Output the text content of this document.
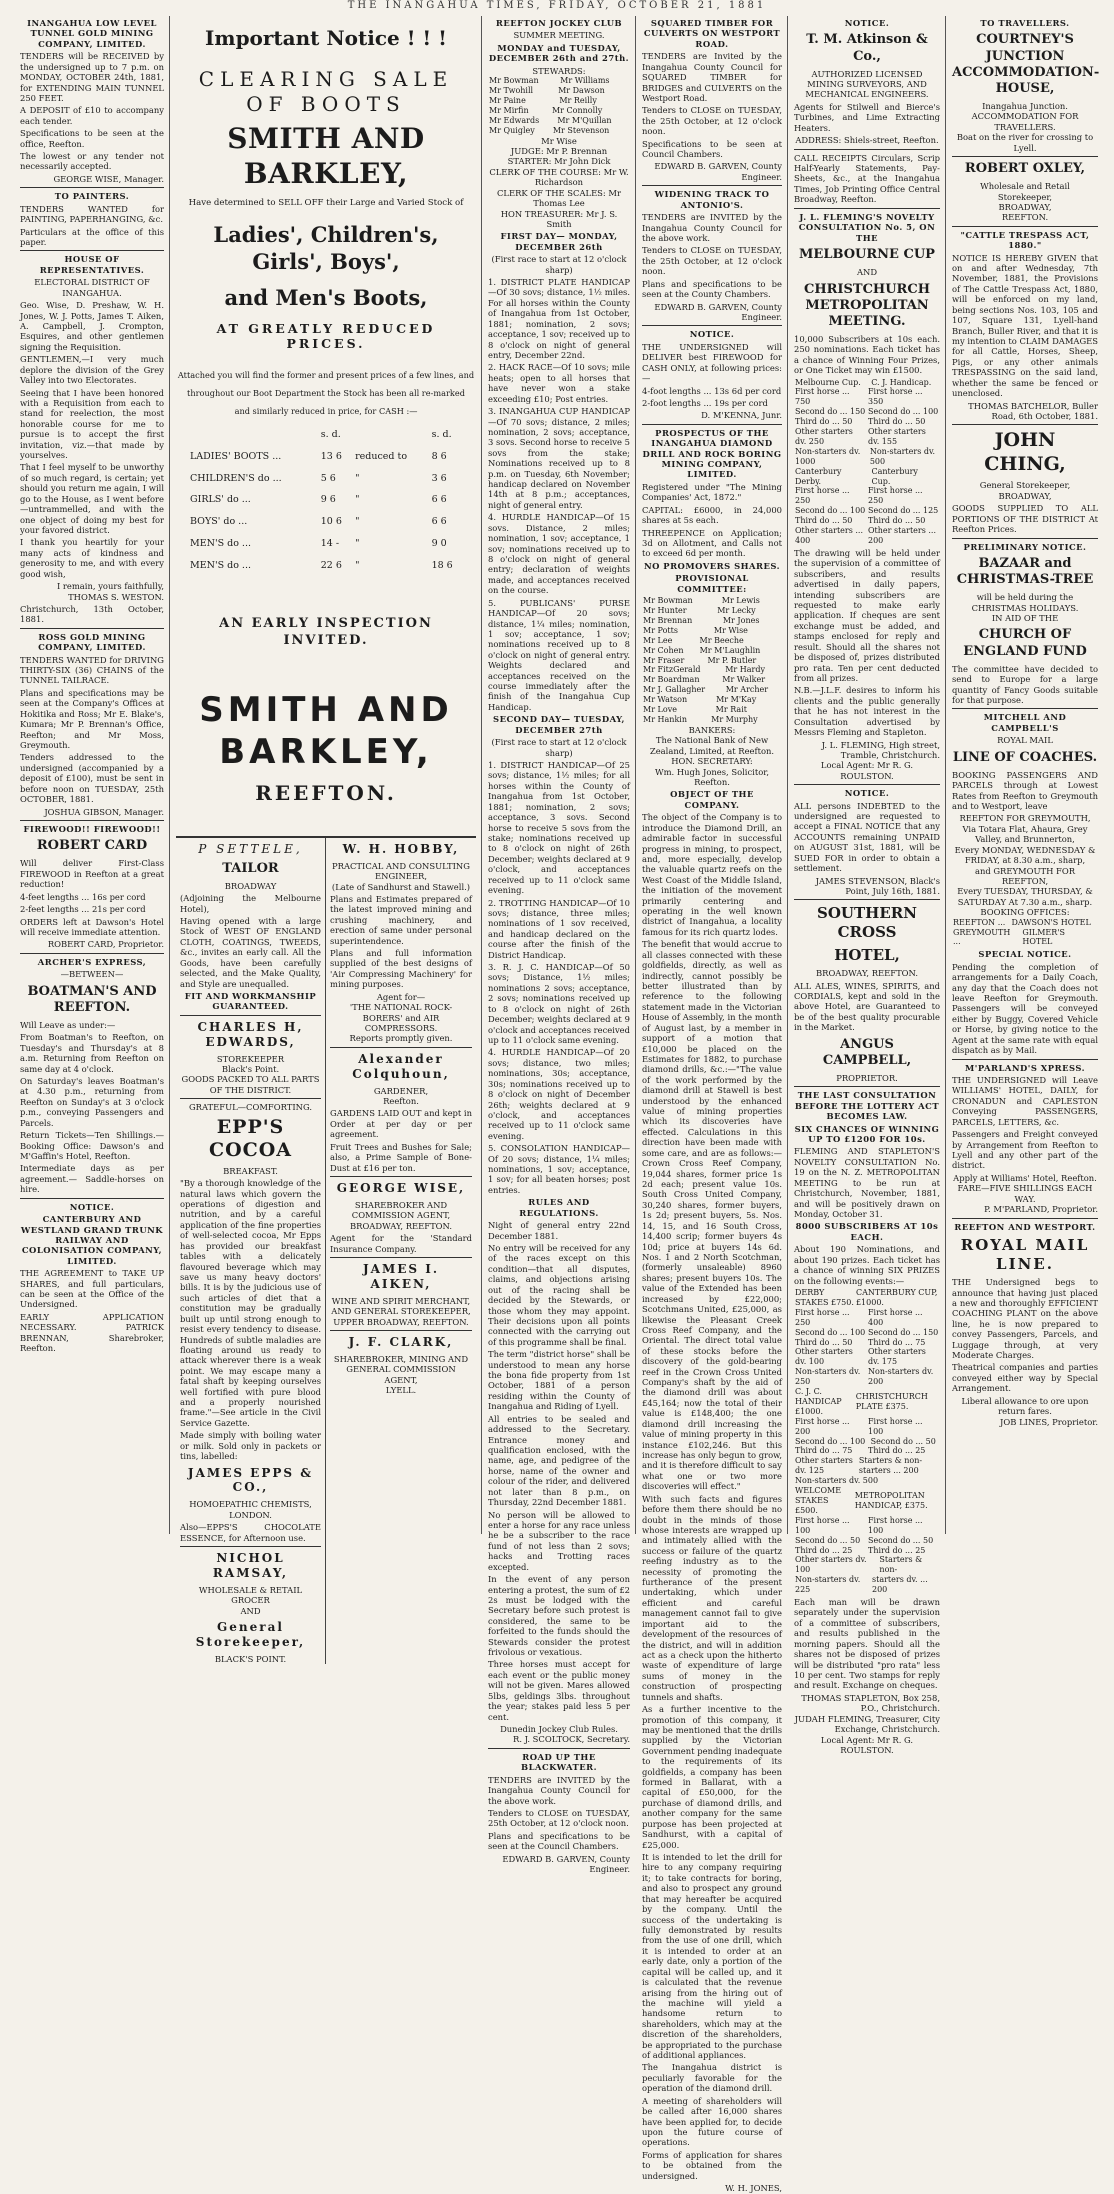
THE INANGAHUA TIMES, FRIDAY, OCTOBER 21, 1881
INANGAHUA LOW LEVEL TUNNEL GOLD MINING COMPANY, LIMITED.
TENDERS will be RECEIVED by the undersigned up to 7 p.m. on MONDAY, OCTOBER 24th, 1881, for EXTENDING MAIN TUNNEL 250 FEET.
A DEPOSIT of £10 to accompany each tender.
Specifications to be seen at the office, Reefton.
The lowest or any tender not necessarily accepted.
GEORGE WISE, Manager.
TO PAINTERS.
TENDERS WANTED for PAINTING, PAPERHANGING, &c.
Particulars at the office of this paper.
HOUSE OF REPRESENTATIVES.
ELECTORAL DISTRICT OF INANGAHUA.
Geo. Wise, D. Preshaw, W. H. Jones, W. J. Potts, James T. Aiken, A. Campbell, J. Crompton, Esquires, and other gentlemen signing the Requisition.
GENTLEMEN,—I very much deplore the division of the Grey Valley into two Electorates.
Seeing that I have been honored with a Requisition from each to stand for reelection, the most honorable course for me to pursue is to accept the first invitation, viz.—that made by yourselves.
That I feel myself to be unworthy of so much regard, is certain; yet should you return me again, I will go to the House, as I went before—untrammelled, and with the one object of doing my best for your favored district.
I thank you heartily for your many acts of kindness and generosity to me, and with every good wish,
I remain, yours faithfully, THOMAS S. WESTON.
Christchurch, 13th October, 1881.
ROSS GOLD MINING COMPANY, LIMITED.
TENDERS WANTED for DRIVING THIRTY-SIX (36) CHAINS of the TUNNEL TAILRACE.
Plans and specifications may be seen at the Company's Offices at Hokitika and Ross; Mr E. Blake's, Kumara; Mr P. Brennan's Office, Reefton; and Mr Moss, Greymouth.
Tenders addressed to the undersigned (accompanied by a deposit of £100), must be sent in before noon on TUESDAY, 25th OCTOBER, 1881.
JOSHUA GIBSON, Manager.
FIREWOOD!! FIREWOOD!!
ROBERT CARD
Will deliver First-Class FIREWOOD in Reefton at a great reduction!
4-feet lengths ... 16s per cord
2-feet lengths ... 21s per cord
ORDERS left at Dawson's Hotel will receive immediate attention.
ROBERT CARD, Proprietor.
ARCHER'S EXPRESS,
—BETWEEN—
BOATMAN'S AND REEFTON.
Will Leave as under:—
From Boatman's to Reefton, on Tuesday's and Thursday's at 8 a.m. Returning from Reefton on same day at 4 o'clock.
On Saturday's leaves Boatman's at 4.30 p.m., returning from Reefton on Sunday's at 3 o'clock p.m., conveying Passengers and Parcels.
Return Tickets—Ten Shillings.—Booking Office: Dawson's and M'Gaffin's Hotel, Reefton.
Intermediate days as per agreement.— Saddle-horses on hire.
NOTICE.
CANTERBURY AND WESTLAND GRAND TRUNK RAILWAY AND COLONISATION COMPANY, LIMITED.
THE AGREEMENT to TAKE UP SHARES, and full particulars, can be seen at the Office of the Undersigned.
EARLY APPLICATION NECESSARY. PATRICK BRENNAN, Sharebroker, Reefton.
Important Notice ! ! !
CLEARING SALE OF BOOTS
SMITH AND BARKLEY,
Have determined to SELL OFF their Large and Varied Stock of
Ladies', Children's, Girls', Boys',
and Men's Boots,
AT GREATLY REDUCED PRICES.
Attached you will find the former and present prices of a few lines, and
throughout our Boot Department the Stock has been all re-marked
and similarly reduced in price, for CASH :—
	s. d.		s. d.
LADIES' BOOTS ...	13 6	reduced to	8 6
CHILDREN'S do ...	5 6	"	3 6
GIRLS' do ...	9 6	"	6 6
BOYS' do ...	10 6	"	6 6
MEN'S do ...	14 -	"	9 0
MEN'S do ...	22 6	"	18 6
AN EARLY INSPECTION INVITED.
SMITH AND BARKLEY,
REEFTON.
P SETTELE,
TAILOR
BROADWAY
(Adjoining the Melbourne Hotel),
Having opened with a large Stock of WEST OF ENGLAND CLOTH, COATINGS, TWEEDS, &c., invites an early call. All the Goods, have been carefully selected, and the Make Quality, and Style are unequalled.
FIT AND WORKMANSHIP GUARANTEED.
CHARLES H, EDWARDS,
STOREKEEPER
Black's Point.
GOODS PACKED TO ALL PARTS
OF THE DISTRICT.
GRATEFUL—COMFORTING.
EPP'S COCOA
BREAKFAST.
"By a thorough knowledge of the natural laws which govern the operations of digestion and nutrition, and by a careful application of the fine properties of well-selected cocoa, Mr Epps has provided our breakfast tables with a delicately flavoured beverage which may save us many heavy doctors' bills. It is by the judicious use of such articles of diet that a constitution may be gradually built up until strong enough to resist every tendency to disease. Hundreds of subtle maladies are floating around us ready to attack wherever there is a weak point. We may escape many a fatal shaft by keeping ourselves well fortified with pure blood and a properly nourished frame."—See article in the Civil Service Gazette.
Made simply with boiling water or milk. Sold only in packets or tins, labelled:
JAMES EPPS & CO.,
HOMOEPATHIC CHEMISTS,
LONDON.
Also—EPPS'S CHOCOLATE ESSENCE, for Afternoon use.
NICHOL RAMSAY,
WHOLESALE & RETAIL GROCER
AND
General Storekeeper,
BLACK'S POINT.
W. H. HOBBY,
PRACTICAL AND CONSULTING ENGINEER,
(Late of Sandhurst and Stawell.)
Plans and Estimates prepared of the latest improved mining and crushing machinery, and erection of same under personal superintendence.
Plans and full information supplied of the best designs of 'Air Compressing Machinery' for mining purposes.
Agent for—
'THE NATIONAL ROCK-BORERS' and AIR COMPRESSORS.
Reports promptly given.
Alexander Colquhoun,
GARDENER,
Reefton.
GARDENS LAID OUT and kept in Order at per day or per agreement.
Fruit Trees and Bushes for Sale; also, a Prime Sample of Bone-Dust at £16 per ton.
GEORGE WISE,
SHAREBROKER AND COMMISSION AGENT,
BROADWAY, REEFTON.
Agent for the 'Standard Insurance Company.
JAMES I. AIKEN,
WINE AND SPIRIT MERCHANT, AND GENERAL STOREKEEPER,
UPPER BROADWAY, REEFTON.
J. F. CLARK,
SHAREBROKER, MINING AND GENERAL COMMISSION AGENT,
LYELL.
REEFTON JOCKEY CLUB
SUMMER MEETING.
MONDAY and TUESDAY, DECEMBER 26th and 27th.
STEWARDS:
Mr Bowman	Mr Williams
Mr Twohill	Mr Dawson
Mr Paine	Mr Reilly
Mr Mirfin	Mr Connolly
Mr Edwards	Mr M'Quillan
Mr Quigley	Mr Stevenson
Mr Wise
JUDGE: Mr P. Brennan
STARTER: Mr John Dick
CLERK OF THE COURSE: Mr W. Richardson
CLERK OF THE SCALES: Mr Thomas Lee
HON TREASURER: Mr J. S. Smith
FIRST DAY— MONDAY, DECEMBER 26th
(First race to start at 12 o'clock sharp)
1. DISTRICT PLATE HANDICAP—Of 30 sovs; distance, 1½ miles. For all horses within the County of Inangahua from 1st October, 1881; nomination, 2 sovs; acceptance, 1 sov; received up to 8 o'clock on night of general entry, December 22nd.
2. HACK RACE—Of 10 sovs; mile heats; open to all horses that have never won a stake exceeding £10; Post entries.
3. INANGAHUA CUP HANDICAP—Of 70 sovs; distance, 2 miles; nomination, 2 sovs; acceptance, 3 sovs. Second horse to receive 5 sovs from the stake; Nominations received up to 8 p.m. on Tuesday, 6th November; handicap declared on November 14th at 8 p.m.; acceptances, night of general entry.
4. HURDLE HANDICAP—Of 15 sovs. Distance, 2 miles; nomination, 1 sov; acceptance, 1 sov; nominations received up to 8 o'clock on night of general entry; declaration of weights made, and acceptances received on the course.
5. PUBLICANS' PURSE HANDICAP—Of 20 sovs; distance, 1¼ miles; nomination, 1 sov; acceptance, 1 sov; nominations received up to 8 o'clock on night of general entry. Weights declared and acceptances received on the course immediately after the finish of the Inangahua Cup Handicap.
SECOND DAY— TUESDAY, DECEMBER 27th
(First race to start at 12 o'clock sharp)
1. DISTRICT HANDICAP—Of 25 sovs; distance, 1½ miles; for all horses within the County of Inangahua from 1st October, 1881; nomination, 2 sovs; acceptance, 3 sovs. Second horse to receive 5 sovs from the stake; nominations received up to 8 o'clock on night of 26th December; weights declared at 9 o'clock, and acceptances received up to 11 o'clock same evening.
2. TROTTING HANDICAP—Of 10 sovs; distance, three miles; nominations of 1 sov received, and handicap declared on the course after the finish of the District Handicap.
3. R. J. C. HANDICAP—Of 50 sovs; Distance, 1½ miles; nominations 2 sovs; acceptance, 2 sovs; nominations received up to 8 o'clock on night of 26th December; weights declared at 9 o'clock and acceptances received up to 11 o'clock same evening.
4. HURDLE HANDICAP—Of 20 sovs; distance, two miles; nominations, 30s; acceptance, 30s; nominations received up to 8 o'clock on night of December 26th; weights declared at 9 o'clock, and acceptances received up to 11 o'clock same evening.
5. CONSOLATION HANDICAP—Of 20 sovs; distance, 1¼ miles; nominations, 1 sov; acceptance, 1 sov; for all beaten horses; post entries.
RULES AND REGULATIONS.
Night of general entry 22nd December 1881.
No entry will be received for any of the races except on this condition—that all disputes, claims, and objections arising out of the racing shall be decided by the Stewards, or those whom they may appoint. Their decisions upon all points connected with the carrying out of this programme shall be final.
The term "district horse" shall be understood to mean any horse the bona fide property from 1st October, 1881 of a person residing within the County of Inangahua and Riding of Lyell.
All entries to be sealed and addressed to the Secretary. Entrance money and qualification enclosed, with the name, age, and pedigree of the horse, name of the owner and colour of the rider, and delivered not later than 8 p.m., on Thursday, 22nd December 1881.
No person will be allowed to enter a horse for any race unless he be a subscriber to the race fund of not less than 2 sovs; hacks and Trotting races excepted.
In the event of any person entering a protest, the sum of £2 2s must be lodged with the Secretary before such protest is considered, the same to be forfeited to the funds should the Stewards consider the protest frivolous or vexatious.
Three horses must accept for each event or the public money will not be given. Mares allowed 5lbs, geldings 3lbs. throughout the year; stakes paid less 5 per cent.
Dunedin Jockey Club Rules.
R. J. SCOLTOCK, Secretary.
ROAD UP THE BLACKWATER.
TENDERS are INVITED by the Inangahua County Council for the above work.
Tenders to CLOSE on TUESDAY, 25th October, at 12 o'clock noon.
Plans and specifications to be seen at the Council Chambers.
EDWARD B. GARVEN, County Engineer.
SQUARED TIMBER FOR CULVERTS ON WESTPORT ROAD.
TENDERS are Invited by the Inangahua County Council for SQUARED TIMBER for BRIDGES and CULVERTS on the Westport Road.
Tenders to CLOSE on TUESDAY, the 25th October, at 12 o'clock noon.
Specifications to be seen at Council Chambers.
EDWARD B. GARVEN, County Engineer.
WIDENING TRACK TO ANTONIO'S.
TENDERS are INVITED by the Inangahua County Council for the above work.
Tenders to CLOSE on TUESDAY, the 25th October, at 12 o'clock noon.
Plans and specifications to be seen at the County Chambers.
EDWARD B. GARVEN, County Engineer.
NOTICE.
THE UNDERSIGNED will DELIVER best FIREWOOD for CASH ONLY, at following prices:—
4-foot lengths ... 13s 6d per cord
2-foot lengths ... 19s per cord
D. M'KENNA, Junr.
PROSPECTUS OF THE INANGAHUA DIAMOND DRILL AND ROCK BORING MINING COMPANY, LIMITED.
Registered under "The Mining Companies' Act, 1872."
CAPITAL: £6000, in 24,000 shares at 5s each.
THREEPENCE on Application; 3d on Allotment, and Calls not to exceed 6d per month.
NO PROMOVERS SHARES.
PROVISIONAL COMMITTEE:
Mr Bowman	Mr Lewis
Mr Hunter	Mr Lecky
Mr Brennan	Mr Jones
Mr Potts	Mr Wise
Mr Lee	Mr Beeche
Mr Cohen	Mr M'Laughlin
Mr Fraser	Mr P. Butler
Mr FitzGerald	Mr Hardy
Mr Boardman	Mr Walker
Mr J. Gallagher	Mr Archer
Mr Watson	Mr M'Kay
Mr Love	Mr Rait
Mr Hankin	Mr Murphy
BANKERS:
The National Bank of New Zealand, Limited, at Reefton.
HON. SECRETARY:
Wm. Hugh Jones, Solicitor, Reefton.
OBJECT OF THE COMPANY.
The object of the Company is to introduce the Diamond Drill, an admirable factor in successful progress in mining, to prospect, and, more especially, develop the valuable quartz reefs on the West Coast of the Middle Island, the initiation of the movement primarily centering and operating in the well known district of Inangahua, a locality famous for its rich quartz lodes.
The benefit that would accrue to all classes connected with these goldfields, directly, as well as indirectly, cannot possibly be better illustrated than by reference to the following statement made in the Victorian House of Assembly, in the month of August last, by a member in support of a motion that £10,000 be placed on the Estimates for 1882, to purchase diamond drills, &c.:—"The value of the work performed by the diamond drill at Stawell is best understood by the enhanced value of mining properties which its discoveries have effected. Calculations in this direction have been made with some care, and are as follows:—Crown Cross Reef Company, 19,044 shares, former price 1s 2d each; present value 10s. South Cross United Company, 30,240 shares, former buyers, 1s 2d; present buyers, 5s. Nos. 14, 15, and 16 South Cross, 14,400 scrip; former buyers 4s 10d; price at buyers 14s 6d. Nos. 1 and 2 North Scotchman, (formerly unsaleable) 8960 shares; present buyers 10s. The value of the Extended has been increased by £22,000; Scotchmans United, £25,000, as likewise the Pleasant Creek Cross Reef Company, and the Oriental. The direct total value of these stocks before the discovery of the gold-bearing reef in the Crown Cross United Company's shaft by the aid of the diamond drill was about £45,164; now the total of their value is £148,400; the one diamond drill increasing the value of mining property in this instance £102,246. But this increase has only begun to grow, and it is therefore difficult to say what one or two more discoveries will effect."
With such facts and figures before them there should be no doubt in the minds of those whose interests are wrapped up and intimately allied with the success or failure of the quartz reefing industry as to the necessity of promoting the furtherance of the present undertaking, which under efficient and careful management cannot fail to give important aid to the development of the resources of the district, and will in addition act as a check upon the hitherto waste of expenditure of large sums of money in the construction of prospecting tunnels and shafts.
As a further incentive to the promotion of this company, it may be mentioned that the drills supplied by the Victorian Government pending inadequate to the requirements of its goldfields, a company has been formed in Ballarat, with a capital of £50,000, for the purchase of diamond drills, and another company for the same purpose has been projected at Sandhurst, with a capital of £25,000.
It is intended to let the drill for hire to any company requiring it; to take contracts for boring, and also to prospect any ground that may hereafter be acquired by the company. Until the success of the undertaking is fully demonstrated by results from the use of one drill, which it is intended to order at an early date, only a portion of the capital will be called up, and it is calculated that the revenue arising from the hiring out of the machine will yield a handsome return to shareholders, which may at the discretion of the shareholders, be appropriated to the purchase of additional appliances.
The Inangahua district is peculiarly favorable for the operation of the diamond drill.
A meeting of shareholders will be called after 16,000 shares have been applied for, to decide upon the future course of operations.
Forms of application for shares to be obtained from the undersigned.
W. H. JONES,
NOTICE.
T. M. Atkinson & Co.,
AUTHORIZED LICENSED MINING SURVEYORS, AND MECHANICAL ENGINEERS.
Agents for Stilwell and Bierce's Turbines, and Lime Extracting Heaters.
ADDRESS: Shiels-street, Reefton.
CALL RECEIPTS Circulars, Scrip Half-Yearly Statements, Pay-Sheets, &c., at the Inangahua Times, Job Printing Office Central Broadway, Reefton.
J. L. FLEMING'S NOVELTY CONSULTATION No. 5, ON THE
MELBOURNE CUP
AND
CHRISTCHURCH METROPOLITAN MEETING.
10,000 Subscribers at 10s each. 250 nominations. Each ticket has a chance of Winning Four Prizes, or One Ticket may win £1500.
Melbourne Cup.	C. J. Handicap.
First horse ... 750	First horse ... 350
Second do ... 150	Second do ... 100
Third do ... 50	Third do ... 50
Other starters dv. 250	Other starters dv. 155
Non-starters dv. 1000	Non-starters dv. 500
Canterbury Derby.	Canterbury Cup.
First horse ... 250	First horse ... 250
Second do ... 100	Second do ... 125
Third do ... 50	Third do ... 50
Other starters ... 400	Other starters ... 200
The drawing will be held under the supervision of a committee of subscribers, and results advertised in daily papers, intending subscribers are requested to make early application. If cheques are sent exchange must be added, and stamps enclosed for reply and result. Should all the shares not be disposed of, prizes distributed pro rata. Ten per cent deducted from all prizes.
N.B.—J.L.F. desires to inform his clients and the public generally that he has not interest in the Consultation advertised by Messrs Fleming and Stapleton.
J. L. FLEMING, High street, Tramble, Christchurch.
Local Agent: Mr R. G. ROULSTON.
NOTICE.
ALL persons INDEBTED to the undersigned are requested to accept a FINAL NOTICE that any ACCOUNTS remaining UNPAID on AUGUST 31st, 1881, will be SUED FOR in order to obtain a settlement.
JAMES STEVENSON, Black's Point, July 16th, 1881.
SOUTHERN CROSS
HOTEL,
BROADWAY, REEFTON.
ALL ALES, WINES, SPIRITS, and CORDIALS, kept and sold in the above Hotel, are Guaranteed to be of the best quality procurable in the Market.
ANGUS CAMPBELL,
PROPRIETOR.
THE LAST CONSULTATION BEFORE THE LOTTERY ACT BECOMES LAW.
SIX CHANCES OF WINNING UP TO £1200 FOR 10s.
FLEMING AND STAPLETON'S NOVELTY CONSULTATION No. 19 on the N. Z. METROPOLITAN MEETING to be run at Christchurch, November, 1881, and will be positively drawn on Monday, October 31.
8000 SUBSCRIBERS AT 10s EACH.
About 190 Nominations, and about 190 prizes. Each ticket has a chance of winning SIX PRIZES on the following events:—
DERBY STAKES £750.	CANTERBURY CUP, £1000.
First horse ... 250	First horse ... 400
Second do ... 100	Second do ... 150
Third do ... 50	Third do ... 75
Other starters dv. 100	Other starters dv. 175
Non-starters dv. 250	Non-starters dv. 200
C. J. C. HANDICAP £1000.	CHRISTCHURCH PLATE £375.
First horse ... 200	First horse ... 100
Second do ... 100	Second do ... 50
Third do ... 75	Third do ... 25
Other starters dv. 125	Starters & non-starters ... 200
Non-starters dv. 500	
WELCOME STAKES £500.	METROPOLITAN HANDICAP, £375.
First horse ... 100	First horse ... 100
Second do ... 50	Second do ... 50
Third do ... 25	Third do ... 25
Other starters dv. 100	Starters & non-
Non-starters dv. 225	starters dv. ... 200
Each man will be drawn separately under the supervision of a committee of subscribers, and results published in the morning papers. Should all the shares not be disposed of prizes will be distributed "pro rata" less 10 per cent. Two stamps for reply and result. Exchange on cheques.
THOMAS STAPLETON, Box 258, P.O., Christchurch.
JUDAH FLEMING, Treasurer, City Exchange, Christchurch.
Local Agent: Mr R. G. ROULSTON.
TO TRAVELLERS.
COURTNEY'S JUNCTION ACCOMMODATION-HOUSE,
Inangahua Junction.
ACCOMMODATION FOR TRAVELLERS.
Boat on the river for crossing to Lyell.
ROBERT OXLEY,
Wholesale and Retail
Storekeeper,
BROADWAY,
REEFTON.
"CATTLE TRESPASS ACT, 1880."
NOTICE IS HEREBY GIVEN that on and after Wednesday, 7th November, 1881, the Provisions of The Cattle Trespass Act, 1880, will be enforced on my land, being sections Nos. 103, 105 and 107, Square 131, Lyell-hand Branch, Buller River, and that it is my intention to CLAIM DAMAGES for all Cattle, Horses, Sheep, Pigs, or any other animals TRESPASSING on the said land, whether the same be fenced or unenclosed.
THOMAS BATCHELOR, Buller Road, 6th October, 1881.
JOHN CHING,
General Storekeeper,
BROADWAY,
GOODS SUPPLIED TO ALL PORTIONS OF THE DISTRICT At Reefton Prices.
PRELIMINARY NOTICE.
BAZAAR and CHRISTMAS-TREE
will be held during the
CHRISTMAS HOLIDAYS.
IN AID OF THE
CHURCH OF ENGLAND FUND
The committee have decided to send to Europe for a large quantity of Fancy Goods suitable for that purpose.
MITCHELL AND CAMPBELL'S
ROYAL MAIL
LINE OF COACHES.
BOOKING PASSENGERS AND PARCELS through at Lowest Rates from Reefton to Greymouth and to Westport, leave
REEFTON FOR GREYMOUTH,
Via Totara Flat, Ahaura, Grey Valley, and Brunnerton,
Every MONDAY, WEDNESDAY & FRIDAY, at 8.30 a.m., sharp,
and GREYMOUTH FOR REEFTON,
Every TUESDAY, THURSDAY, & SATURDAY At 7.30 a.m., sharp.
BOOKING OFFICES:
REEFTON ...	DAWSON'S HOTEL
GREYMOUTH ...	GILMER'S HOTEL
SPECIAL NOTICE.
Pending the completion of arrangements for a Daily Coach, any day that the Coach does not leave Reefton for Greymouth. Passengers will be conveyed either by Buggy, Covered Vehicle or Horse, by giving notice to the Agent at the same rate with equal dispatch as by Mail.
M'PARLAND'S XPRESS.
THE UNDERSIGNED will Leave WILLIAMS' HOTEL, DAILY, for CRONADUN and CAPLESTON Conveying PASSENGERS, PARCELS, LETTERS, &c.
Passengers and Freight conveyed by Arrangement from Reefton to Lyell and any other part of the district.
Apply at Williams' Hotel, Reefton.
FARE—FIVE SHILLINGS EACH WAY.
P. M'PARLAND, Proprietor.
REEFTON AND WESTPORT.
ROYAL MAIL LINE.
THE Undersigned begs to announce that having just placed a new and thoroughly EFFICIENT COACHING PLANT on the above line, he is now prepared to convey Passengers, Parcels, and Luggage through, at very Moderate Charges.
Theatrical companies and parties conveyed either way by Special Arrangement.
Liberal allowance to ore upon return fares.
JOB LINES, Proprietor.
